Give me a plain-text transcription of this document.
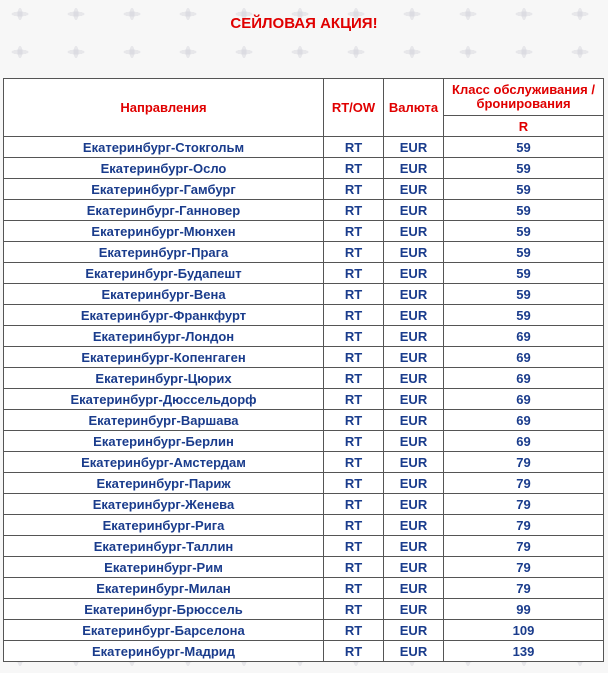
СЕЙЛОВАЯ АКЦИЯ!
Направления	RT/OW	Валюта	Класс обслуживания / бронирования
			R
Екатеринбург-Стокгольм	RT	EUR	59
Екатеринбург-Осло	RT	EUR	59
Екатеринбург-Гамбург	RT	EUR	59
Екатеринбург-Ганновер	RT	EUR	59
Екатеринбург-Мюнхен	RT	EUR	59
Екатеринбург-Прага	RT	EUR	59
Екатеринбург-Будапешт	RT	EUR	59
Екатеринбург-Вена	RT	EUR	59
Екатеринбург-Франкфурт	RT	EUR	59
Екатеринбург-Лондон	RT	EUR	69
Екатеринбург-Копенгаген	RT	EUR	69
Екатеринбург-Цюрих	RT	EUR	69
Екатеринбург-Дюссельдорф	RT	EUR	69
Екатеринбург-Варшава	RT	EUR	69
Екатеринбург-Берлин	RT	EUR	69
Екатеринбург-Амстердам	RT	EUR	79
Екатеринбург-Париж	RT	EUR	79
Екатеринбург-Женева	RT	EUR	79
Екатеринбург-Рига	RT	EUR	79
Екатеринбург-Таллин	RT	EUR	79
Екатеринбург-Рим	RT	EUR	79
Екатеринбург-Милан	RT	EUR	79
Екатеринбург-Брюссель	RT	EUR	99
Екатеринбург-Барселона	RT	EUR	109
Екатеринбург-Мадрид	RT	EUR	139
